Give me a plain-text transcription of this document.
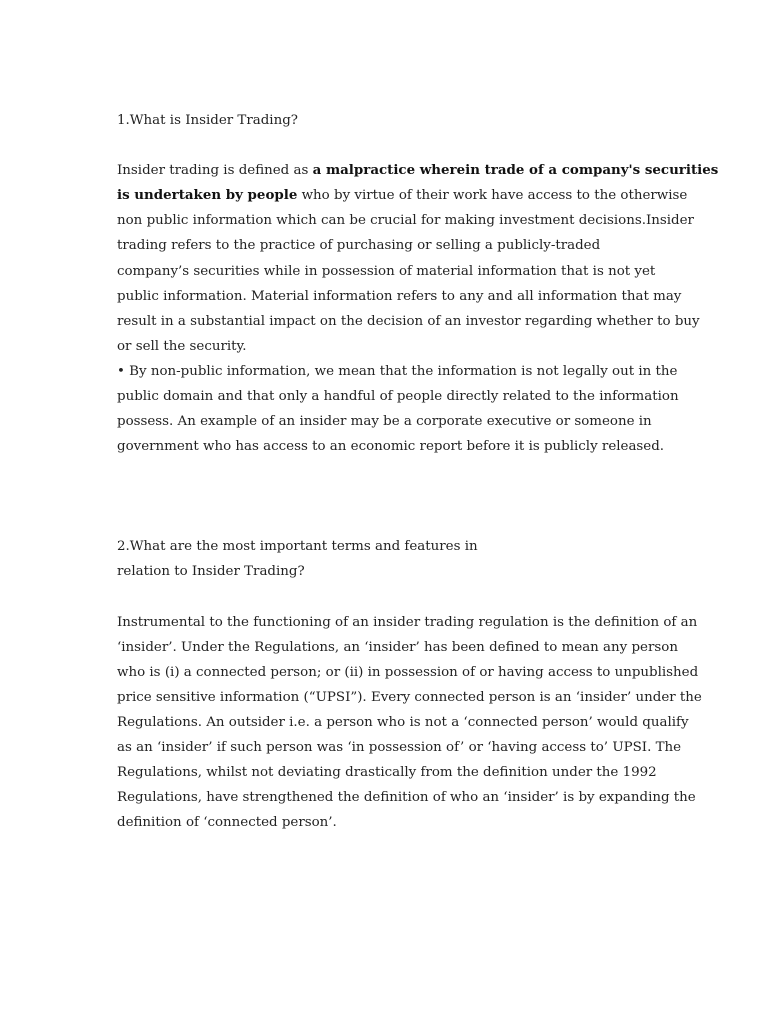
1.What is Insider Trading?
Insider trading is defined as a malpractice wherein trade of a company's securities
is undertaken by people who by virtue of their work have access to the otherwise
non public information which can be crucial for making investment decisions.Insider
trading refers to the practice of purchasing or selling a publicly-traded
company’s securities while in possession of material information that is not yet
public information. Material information refers to any and all information that may
result in a substantial impact on the decision of an investor regarding whether to buy
or sell the security.
• By non-public information, we mean that the information is not legally out in the
public domain and that only a handful of people directly related to the information
possess. An example of an insider may be a corporate executive or someone in
government who has access to an economic report before it is publicly released.
2.What are the most important terms and features in
relation to Insider Trading?
Instrumental to the functioning of an insider trading regulation is the definition of an
‘insider’. Under the Regulations, an ‘insider’ has been defined to mean any person
who is (i) a connected person; or (ii) in possession of or having access to unpublished
price sensitive information (“UPSI”). Every connected person is an ‘insider’ under the
Regulations. An outsider i.e. a person who is not a ‘connected person’ would qualify
as an ‘insider’ if such person was ‘in possession of’ or ‘having access to’ UPSI. The
Regulations, whilst not deviating drastically from the definition under the 1992
Regulations, have strengthened the definition of who an ‘insider’ is by expanding the
definition of ‘connected person’.
